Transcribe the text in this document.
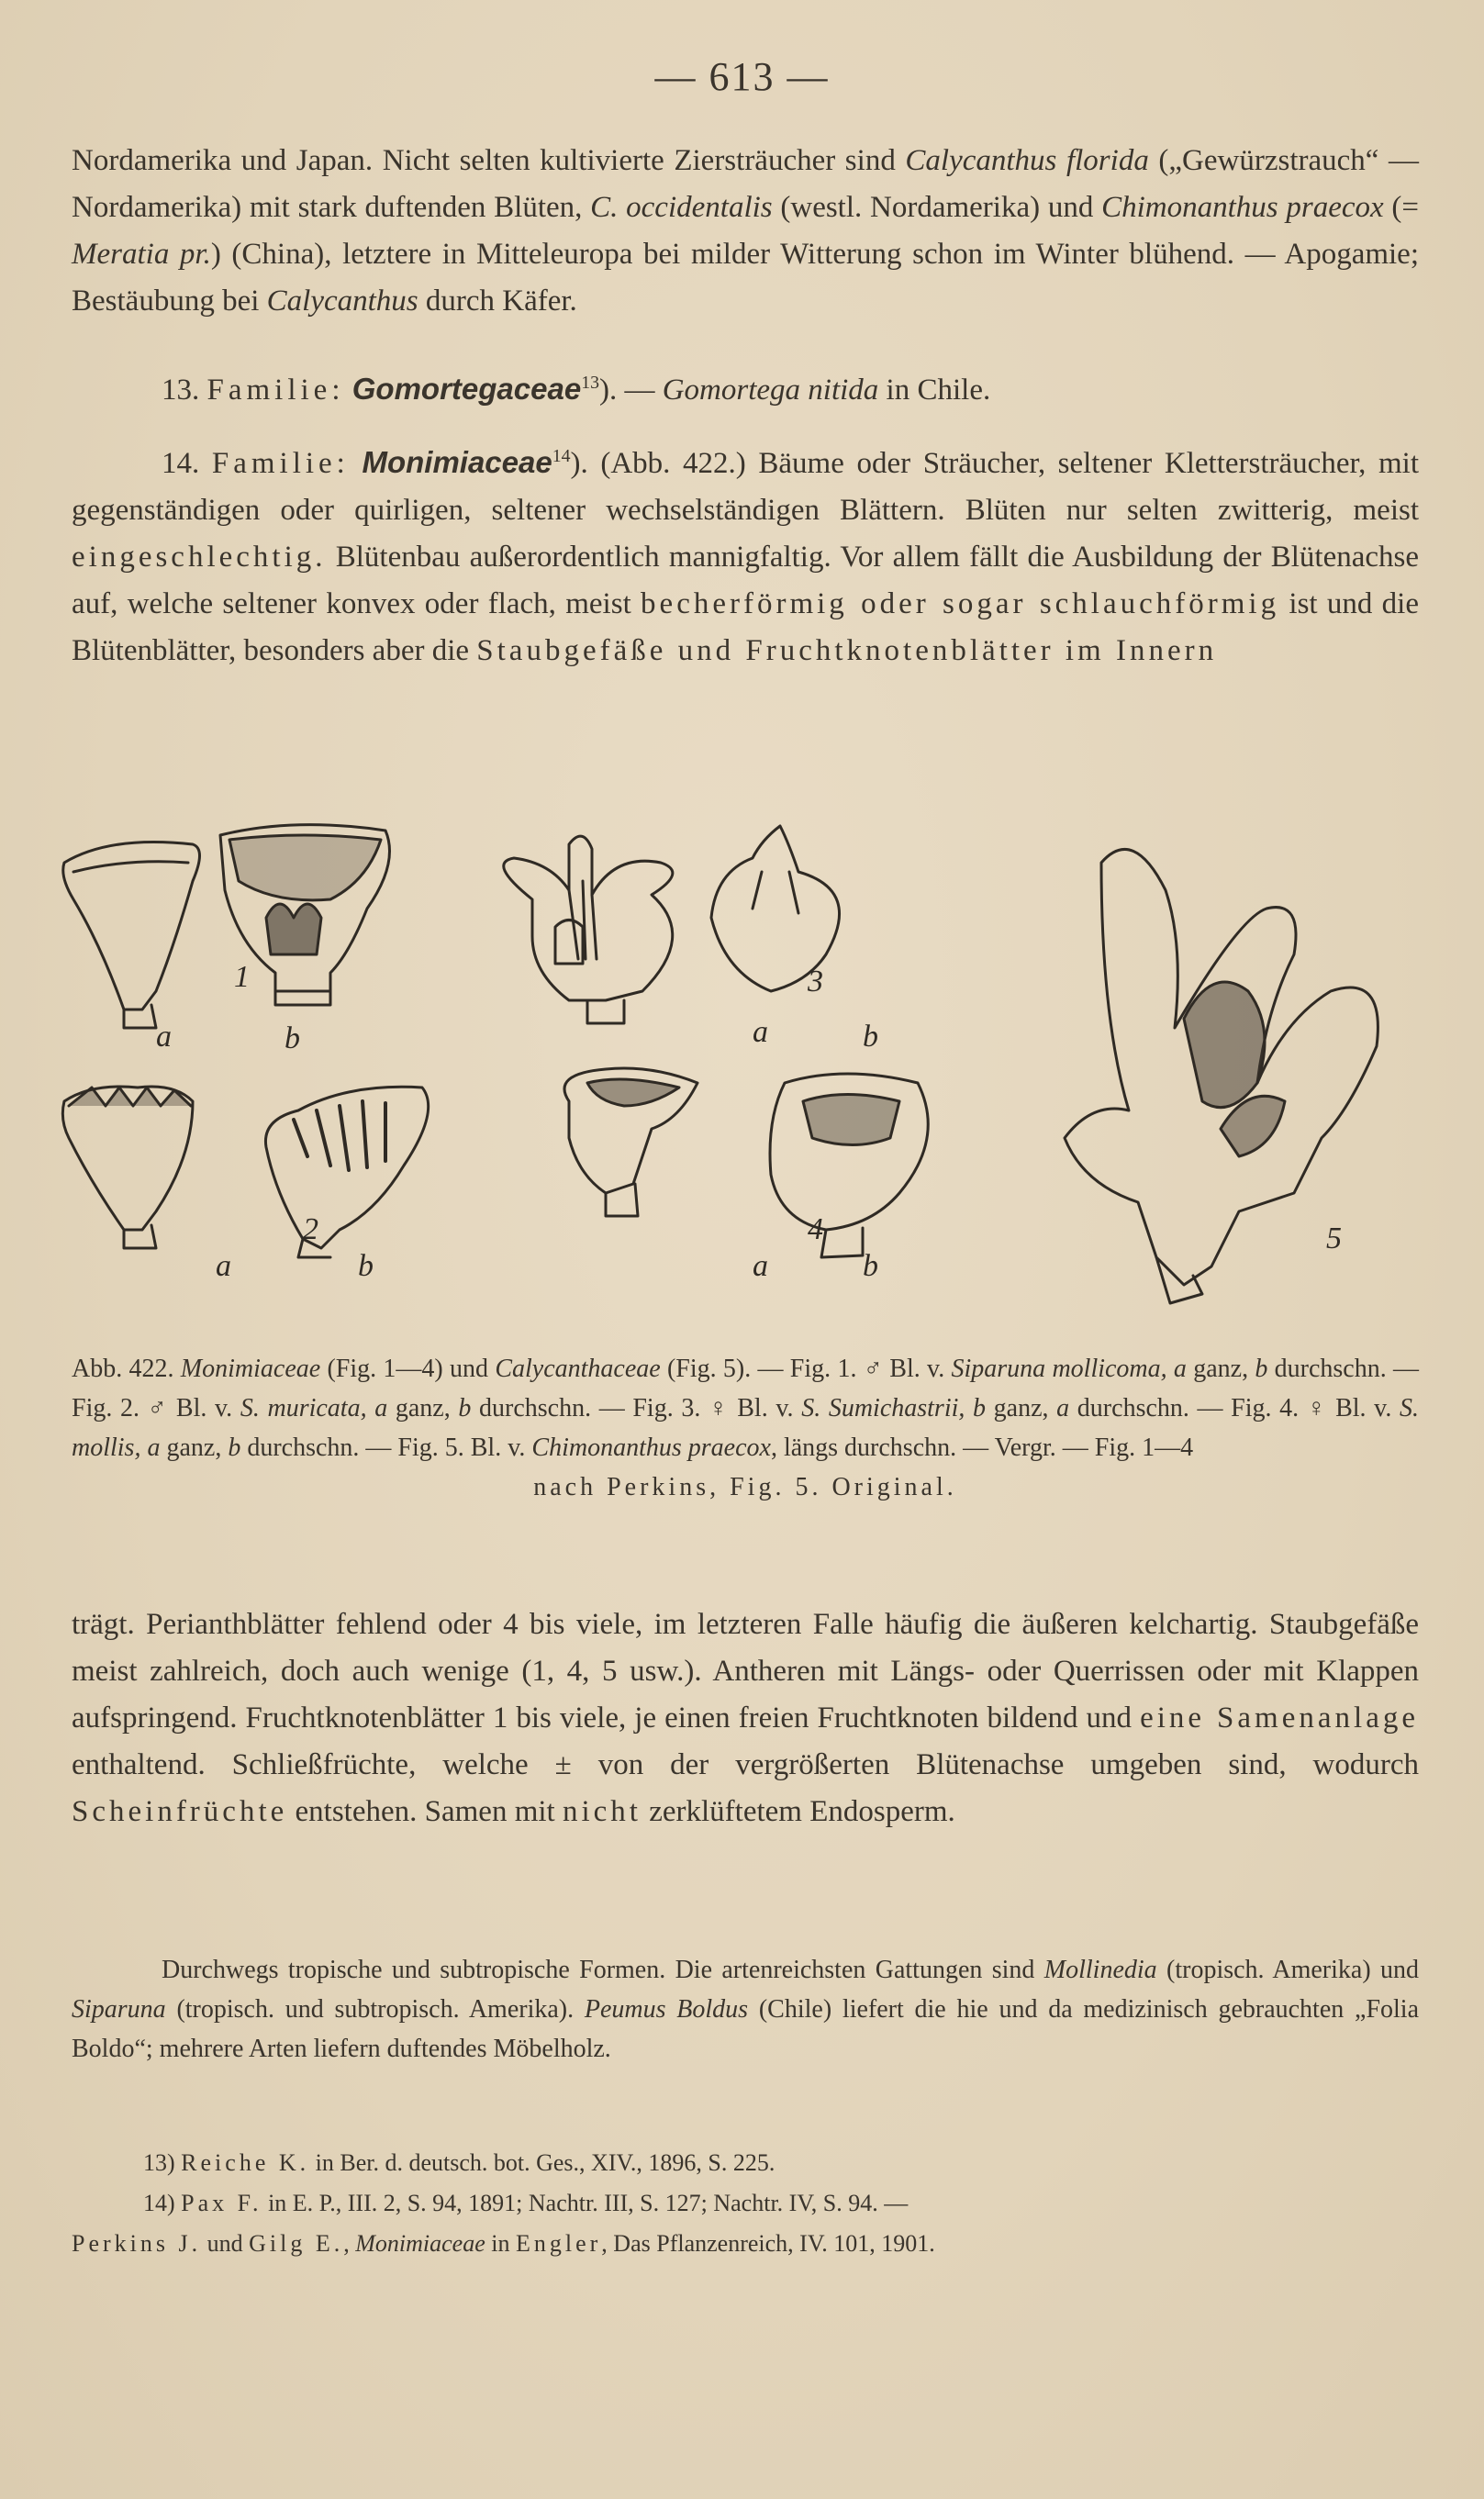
— 613 —
Nordamerika und Japan. Nicht selten kultivierte Ziersträucher sind Calycanthus florida („Gewürzstrauch“ — Nordamerika) mit stark duftenden Blüten, C. occidentalis (westl. Nordamerika) und Chimonanthus praecox (= Meratia pr.) (China), letztere in Mitteleuropa bei milder Witterung schon im Winter blühend. — Apogamie; Bestäubung bei Calycanthus durch Käfer.
13. Familie: Gomortegaceae$^{13}$). — Gomortega nitida in Chile.
14. Familie: Monimiaceae$^{14}$). (Abb. 422.) Bäume oder Sträucher, seltener Klettersträucher, mit gegenständigen oder quirligen, seltener wechselständigen Blättern. Blüten nur selten zwitterig, meist eingeschlechtig. Blütenbau außerordentlich mannigfaltig. Vor allem fällt die Ausbildung der Blütenachse auf, welche seltener konvex oder flach, meist becherförmig oder sogar schlauchförmig ist und die Blütenblätter, besonders aber die Staubgefäße und Fruchtknotenblätter im Innern
1
a	b
2
a	b
3
a	b
4
a	b
5
Abb. 422. Monimiaceae (Fig. 1—4) und Calycanthaceae (Fig. 5). — Fig. 1. ♂ Bl. v. Siparuna mollicoma, a ganz, b durchschn. — Fig. 2. ♂ Bl. v. S. muricata, a ganz, b durchschn. — Fig. 3. ♀ Bl. v. S. Sumichastrii, b ganz, a durchschn. — Fig. 4. ♀ Bl. v. S. mollis, a ganz, b durchschn. — Fig. 5. Bl. v. Chimonanthus praecox, längs durchschn. — Vergr. — Fig. 1—4
nach Perkins, Fig. 5. Original.
trägt. Perianthblätter fehlend oder 4 bis viele, im letzteren Falle häufig die äußeren kelchartig. Staubgefäße meist zahlreich, doch auch wenige (1, 4, 5 usw.). Antheren mit Längs- oder Querrissen oder mit Klappen aufspringend. Fruchtknotenblätter 1 bis viele, je einen freien Fruchtknoten bildend und eine Samenanlage enthaltend. Schließfrüchte, welche ± von der vergrößerten Blütenachse umgeben sind, wodurch Scheinfrüchte entstehen. Samen mit nicht zerklüftetem Endosperm.
Durchwegs tropische und subtropische Formen. Die artenreichsten Gattungen sind Mollinedia (tropisch. Amerika) und Siparuna (tropisch. und subtropisch. Amerika). Peumus Boldus (Chile) liefert die hie und da medizinisch gebrauchten „Folia Boldo“; mehrere Arten liefern duftendes Möbelholz.
13) Reiche K. in Ber. d. deutsch. bot. Ges., XIV., 1896, S. 225.
14) Pax F. in E. P., III. 2, S. 94, 1891; Nachtr. III, S. 127; Nachtr. IV, S. 94. —
Perkins J. und Gilg E., Monimiaceae in Engler, Das Pflanzenreich, IV. 101, 1901.
